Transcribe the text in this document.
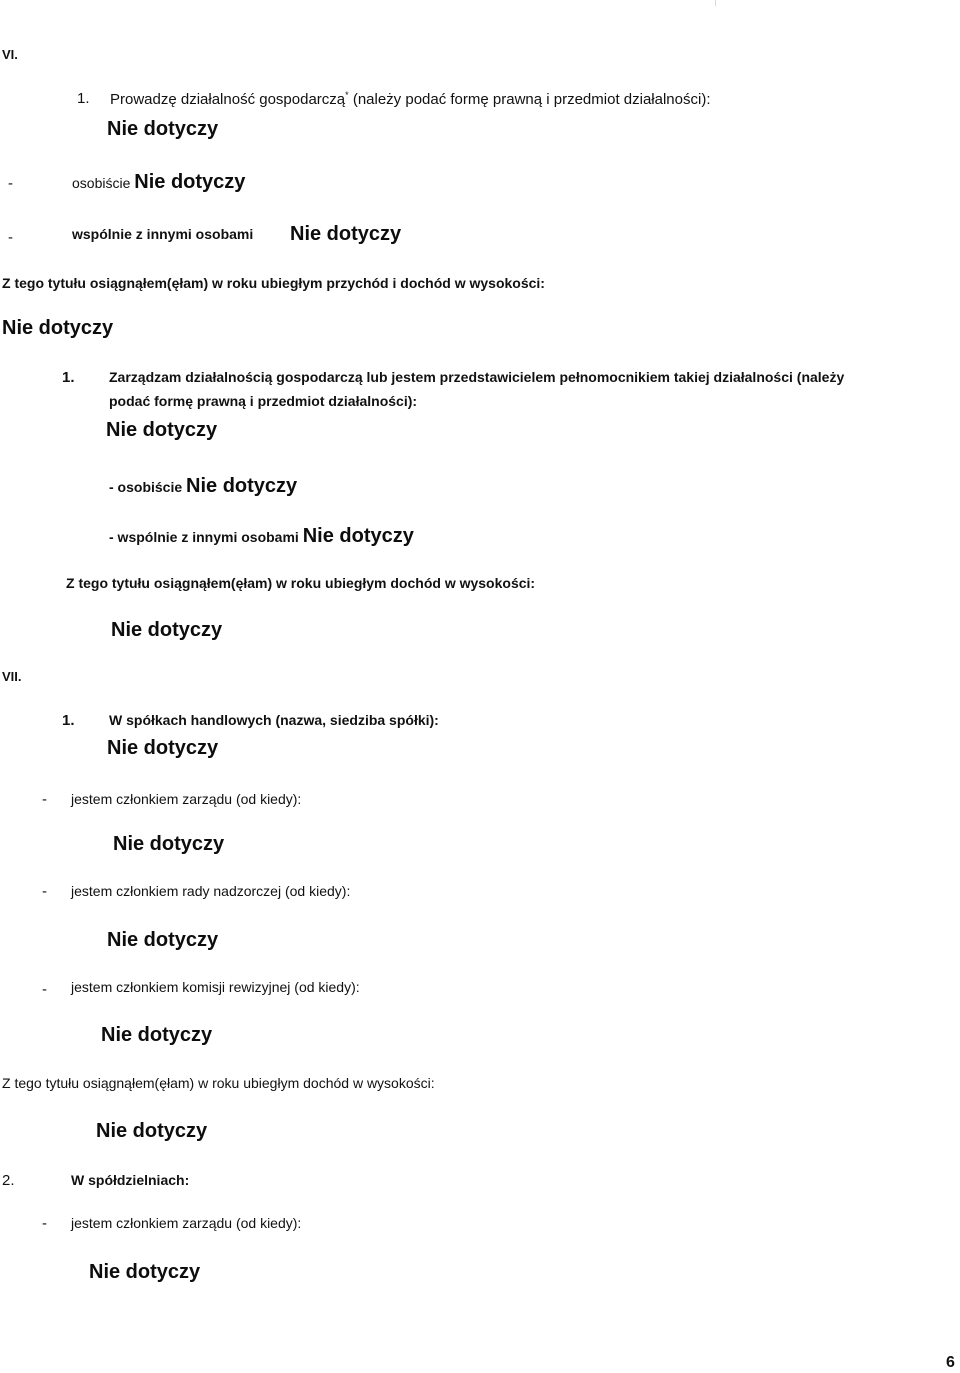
VI.
1. Prowadzę działalność gospodarczą* (należy podać formę prawną i przedmiot działalności):
Nie dotyczy
-	osobiście Nie dotyczy
-	wspólnie z innymi osobami Nie dotyczy
Z tego tytułu osiągnąłem(ęłam) w roku ubiegłym przychód i dochód w wysokości:
Nie dotyczy
1. Zarządzam działalnością gospodarczą lub jestem przedstawicielem pełnomocnikiem takiej działalności (należy
podać formę prawną i przedmiot działalności):
Nie dotyczy
- osobiście Nie dotyczy
- wspólnie z innymi osobami Nie dotyczy
Z tego tytułu osiągnąłem(ęłam) w roku ubiegłym dochód w wysokości:
Nie dotyczy
VII.
1. W spółkach handlowych (nazwa, siedziba spółki):
Nie dotyczy
- jestem członkiem zarządu (od kiedy):
Nie dotyczy
- jestem członkiem rady nadzorczej (od kiedy):
Nie dotyczy
- jestem członkiem komisji rewizyjnej (od kiedy):
Nie dotyczy
Z tego tytułu osiągnąłem(ęłam) w roku ubiegłym dochód w wysokości:
Nie dotyczy
2.	W spółdzielniach:
- jestem członkiem zarządu (od kiedy):
Nie dotyczy
6
